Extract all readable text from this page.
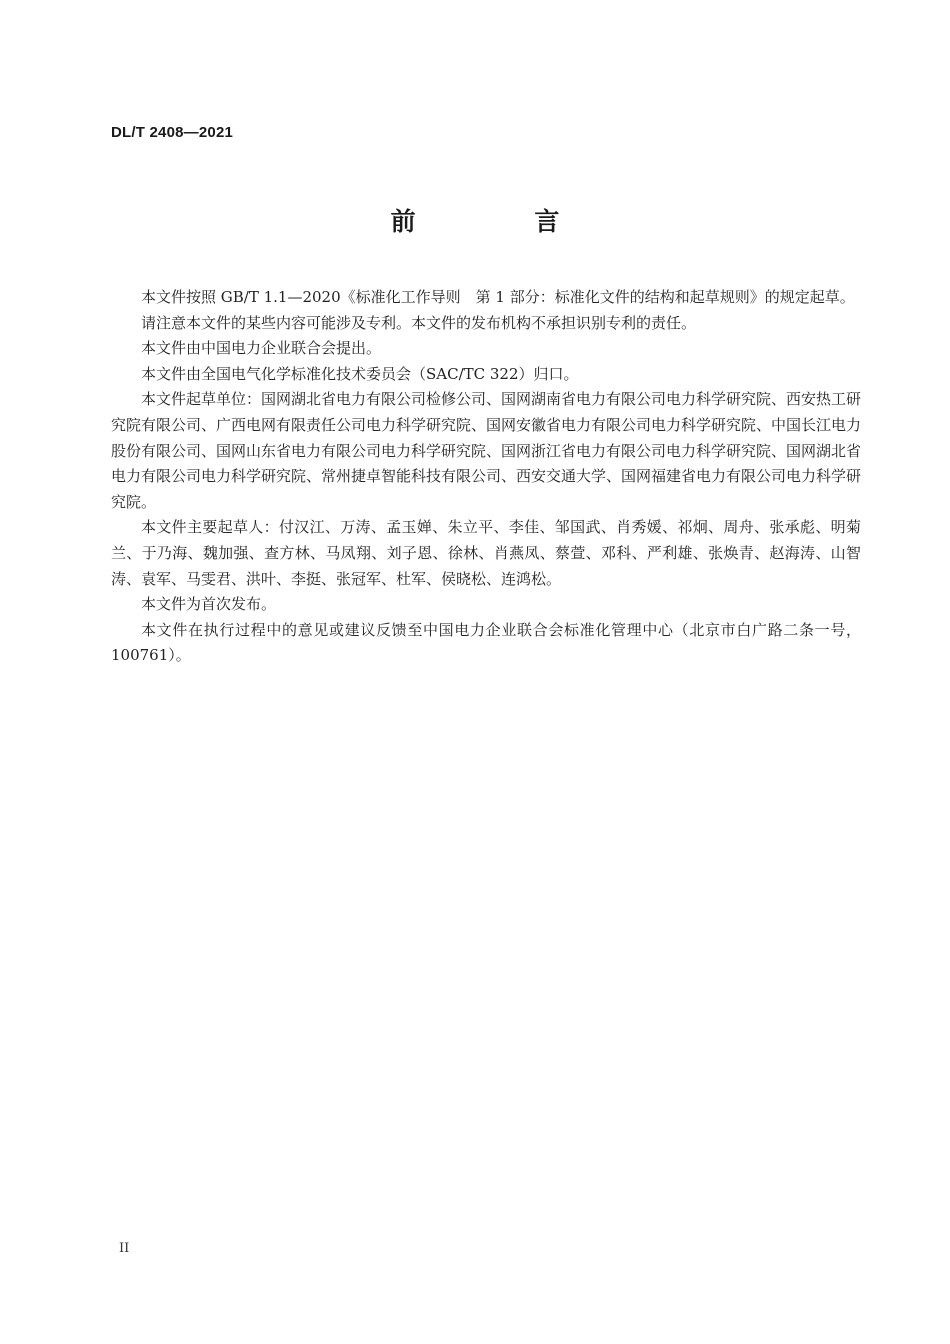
DL/T 2408—2021
前 言

本文件按照 GB/T 1.1—2020《标准化工作导则　第 1 部分：标准化文件的结构和起草规则》的规定起草。

请注意本文件的某些内容可能涉及专利。本文件的发布机构不承担识别专利的责任。

本文件由中国电力企业联合会提出。

本文件由全国电气化学标准化技术委员会（SAC/TC 322）归口。

本文件起草单位：国网湖北省电力有限公司检修公司、国网湖南省电力有限公司电力科学研究院、西安热工研究院有限公司、广西电网有限责任公司电力科学研究院、国网安徽省电力有限公司电力科学研究院、中国长江电力股份有限公司、国网山东省电力有限公司电力科学研究院、国网浙江省电力有限公司电力科学研究院、国网湖北省电力有限公司电力科学研究院、常州捷卓智能科技有限公司、西安交通大学、国网福建省电力有限公司电力科学研究院。

本文件主要起草人：付汉江、万涛、孟玉婵、朱立平、李佳、邹国武、肖秀媛、祁炯、周舟、张承彪、明菊兰、于乃海、魏加强、查方林、马凤翔、刘子恩、徐林、肖燕凤、蔡萱、邓科、严利雄、张焕青、赵海涛、山智涛、袁军、马雯君、洪叶、李挺、张冠军、杜军、侯晓松、连鸿松。

本文件为首次发布。

本文件在执行过程中的意见或建议反馈至中国电力企业联合会标准化管理中心（北京市白广路二条一号，100761）。

II
